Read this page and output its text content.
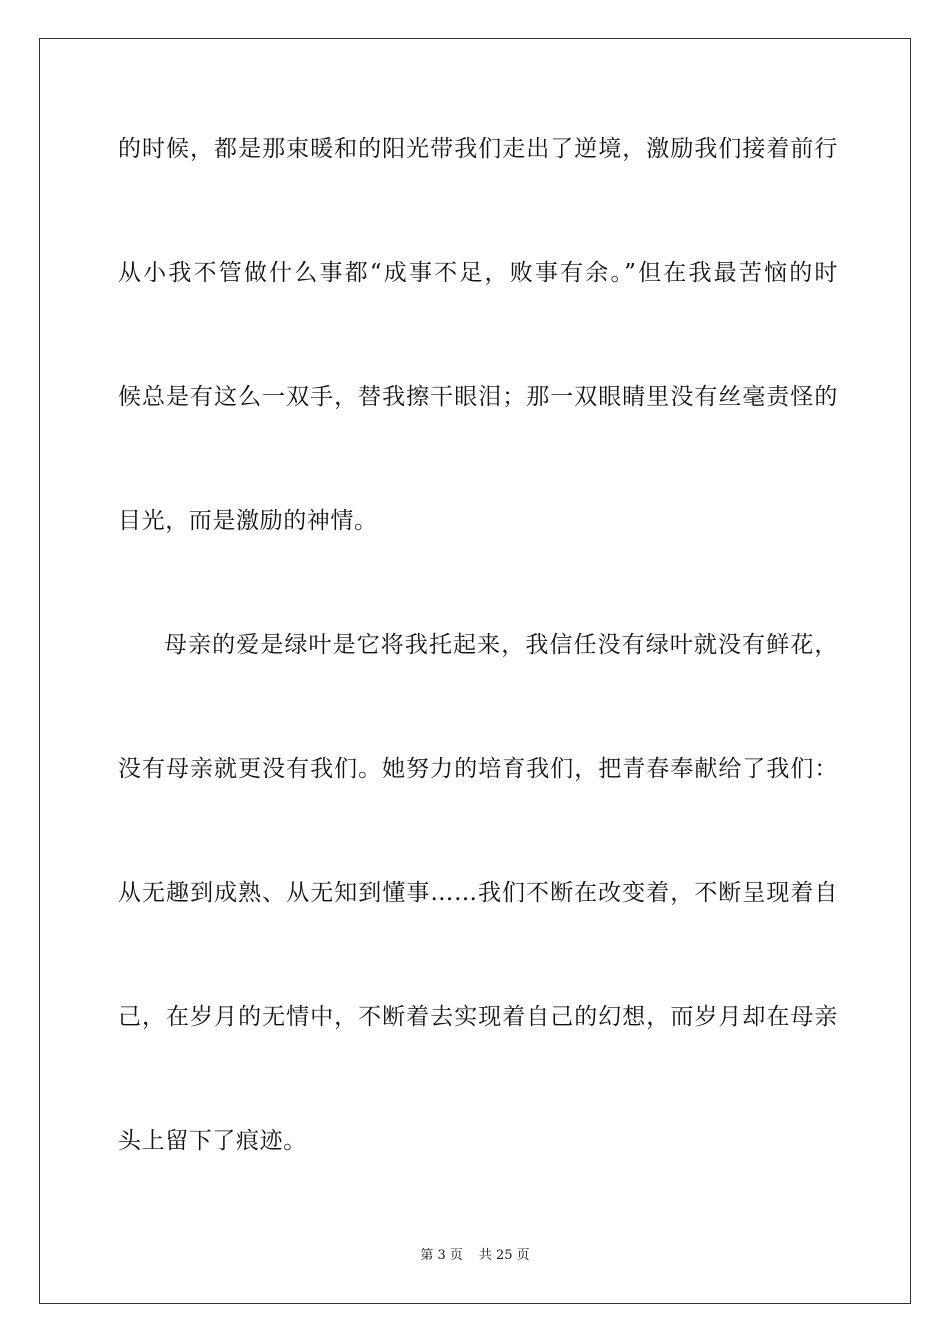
的时候，都是那束暖和的阳光带我们走出了逆境，激励我们接着前行
从小我不管做什么事都“成事不足，败事有余。”但在我最苦恼的时
候总是有这么一双手，替我擦干眼泪；那一双眼睛里没有丝毫责怪的
目光，而是激励的神情。
母亲的爱是绿叶是它将我托起来，我信任没有绿叶就没有鲜花，
没有母亲就更没有我们。她努力的培育我们，把青春奉献给了我们：
从无趣到成熟、从无知到懂事……我们不断在改变着，不断呈现着自
己，在岁月的无情中，不断着去实现着自己的幻想，而岁月却在母亲
头上留下了痕迹。
第 3 页 共 25 页
